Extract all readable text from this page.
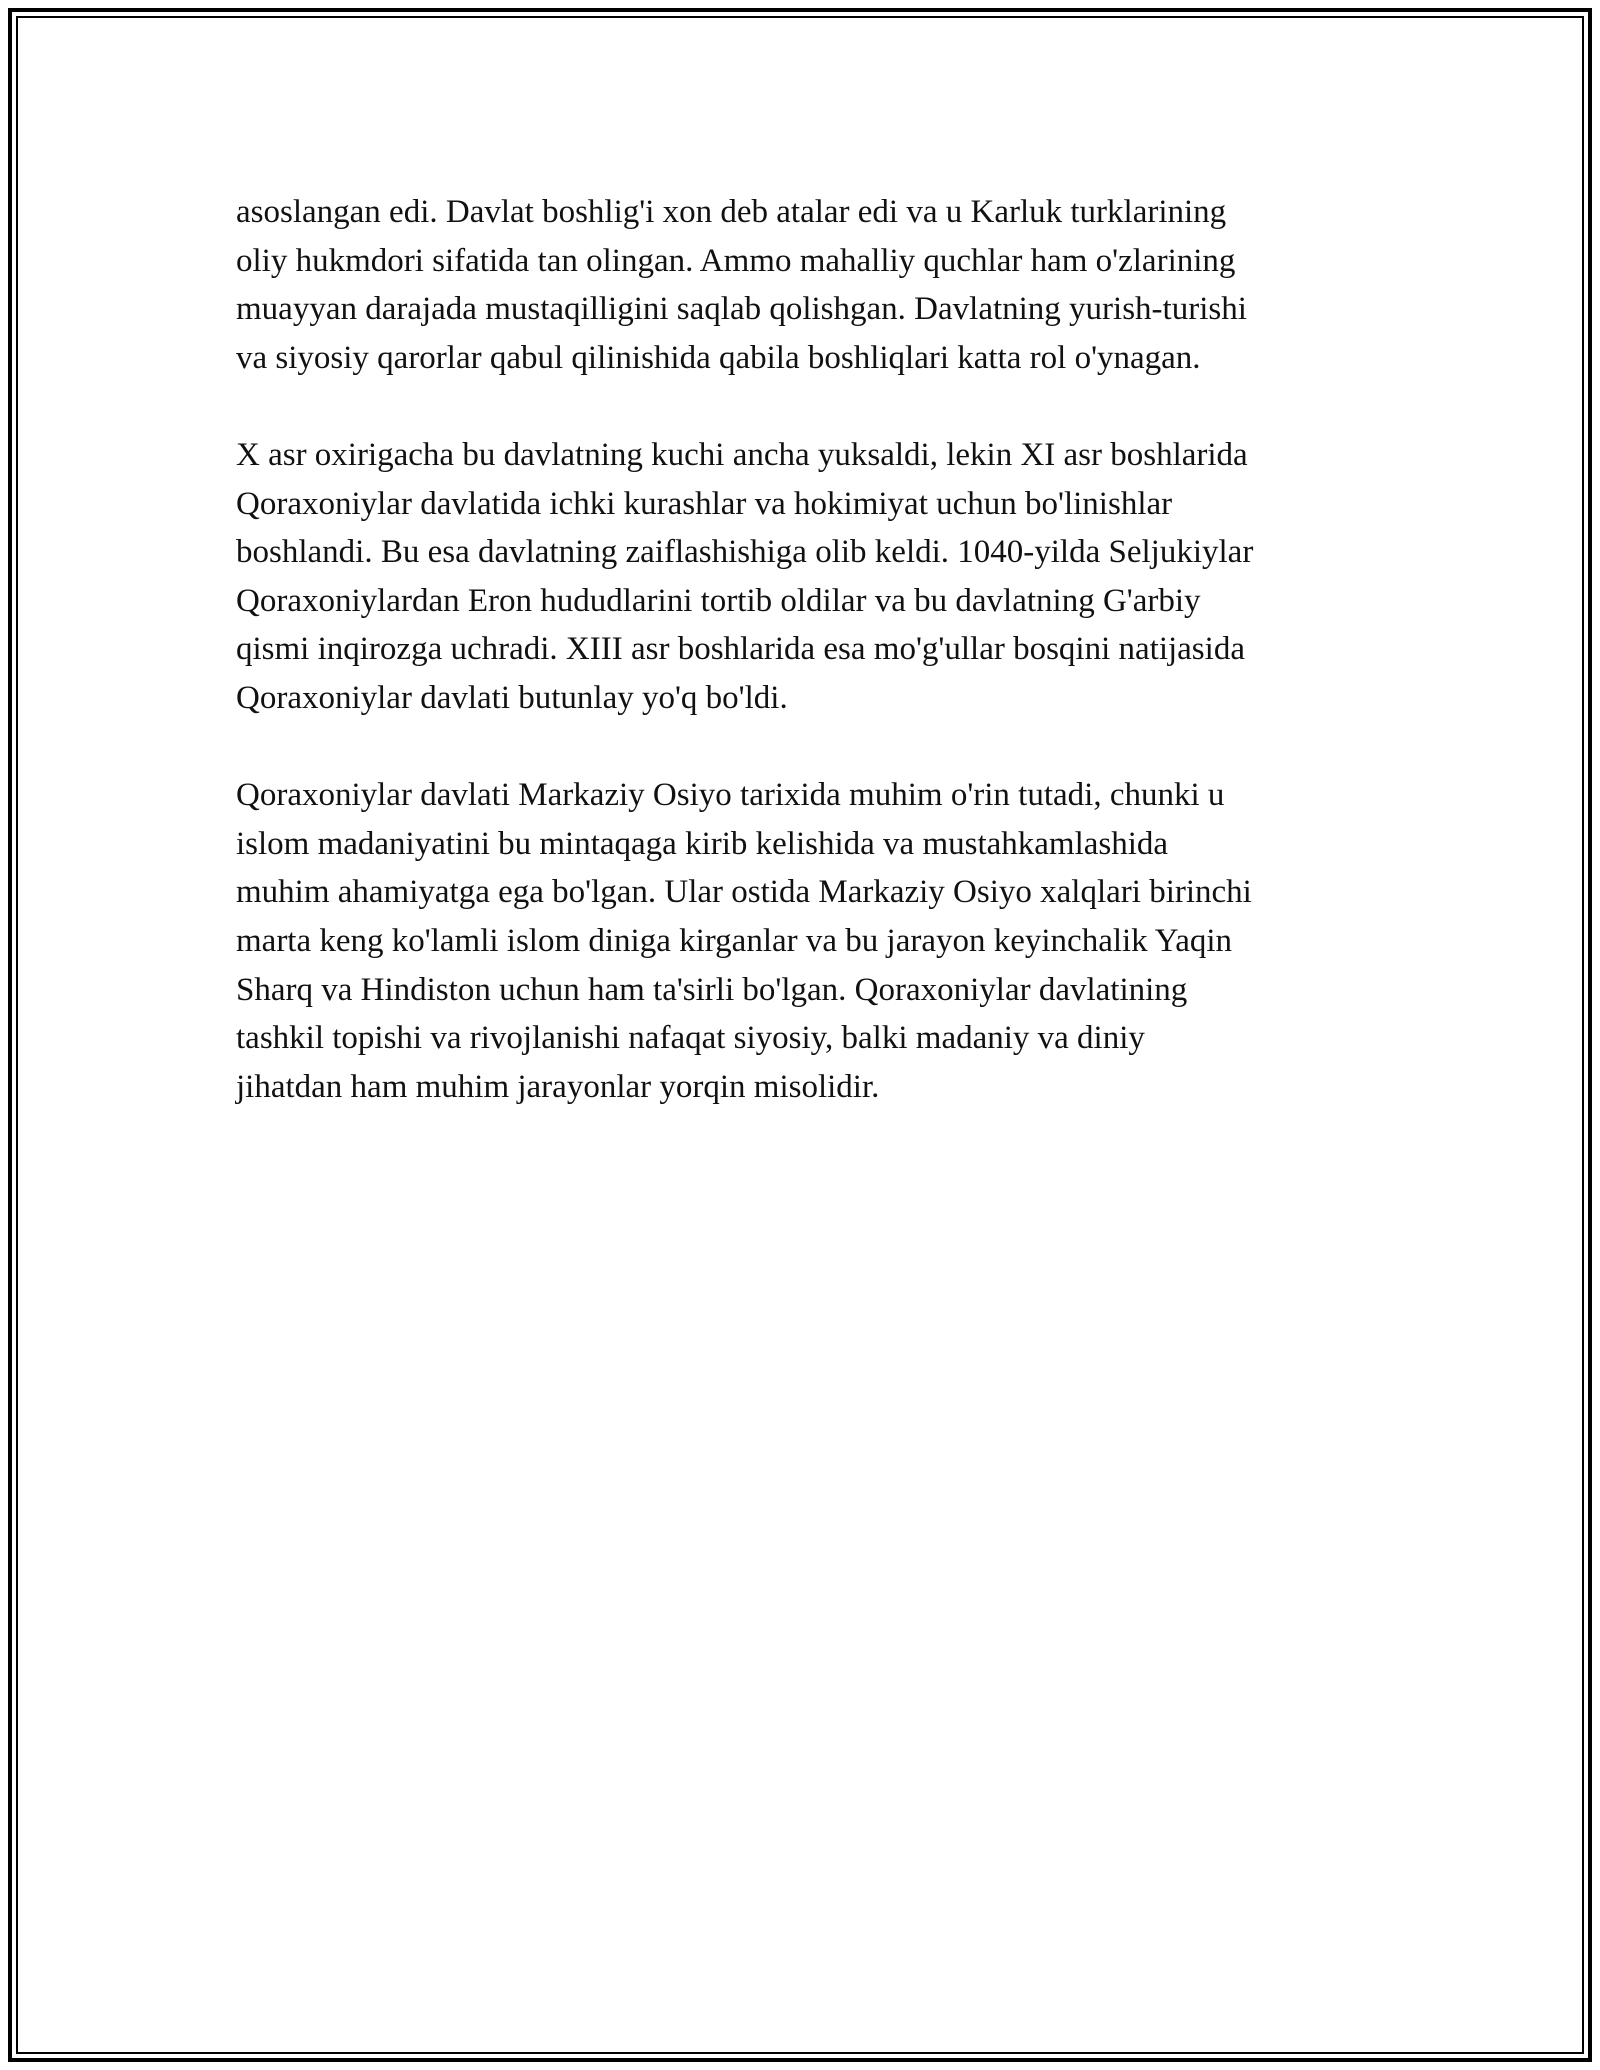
asoslangan edi. Davlat boshlig'i xon deb atalar edi va u Karluk turklarining
oliy hukmdori sifatida tan olingan. Ammo mahalliy quchlar ham o'zlarining
muayyan darajada mustaqilligini saqlab qolishgan. Davlatning yurish-turishi
va siyosiy qarorlar qabul qilinishida qabila boshliqlari katta rol o'ynagan.

X asr oxirigacha bu davlatning kuchi ancha yuksaldi, lekin XI asr boshlarida
Qoraxoniylar davlatida ichki kurashlar va hokimiyat uchun bo'linishlar
boshlandi. Bu esa davlatning zaiflashishiga olib keldi. 1040-yilda Seljukiylar
Qoraxoniylardan Eron hududlarini tortib oldilar va bu davlatning G'arbiy
qismi inqirozga uchradi. XIII asr boshlarida esa mo'g'ullar bosqini natijasida
Qoraxoniylar davlati butunlay yo'q bo'ldi.

Qoraxoniylar davlati Markaziy Osiyo tarixida muhim o'rin tutadi, chunki u
islom madaniyatini bu mintaqaga kirib kelishida va mustahkamlashida
muhim ahamiyatga ega bo'lgan. Ular ostida Markaziy Osiyo xalqlari birinchi
marta keng ko'lamli islom diniga kirganlar va bu jarayon keyinchalik Yaqin
Sharq va Hindiston uchun ham ta'sirli bo'lgan. Qoraxoniylar davlatining
tashkil topishi va rivojlanishi nafaqat siyosiy, balki madaniy va diniy
jihatdan ham muhim jarayonlar yorqin misolidir.
